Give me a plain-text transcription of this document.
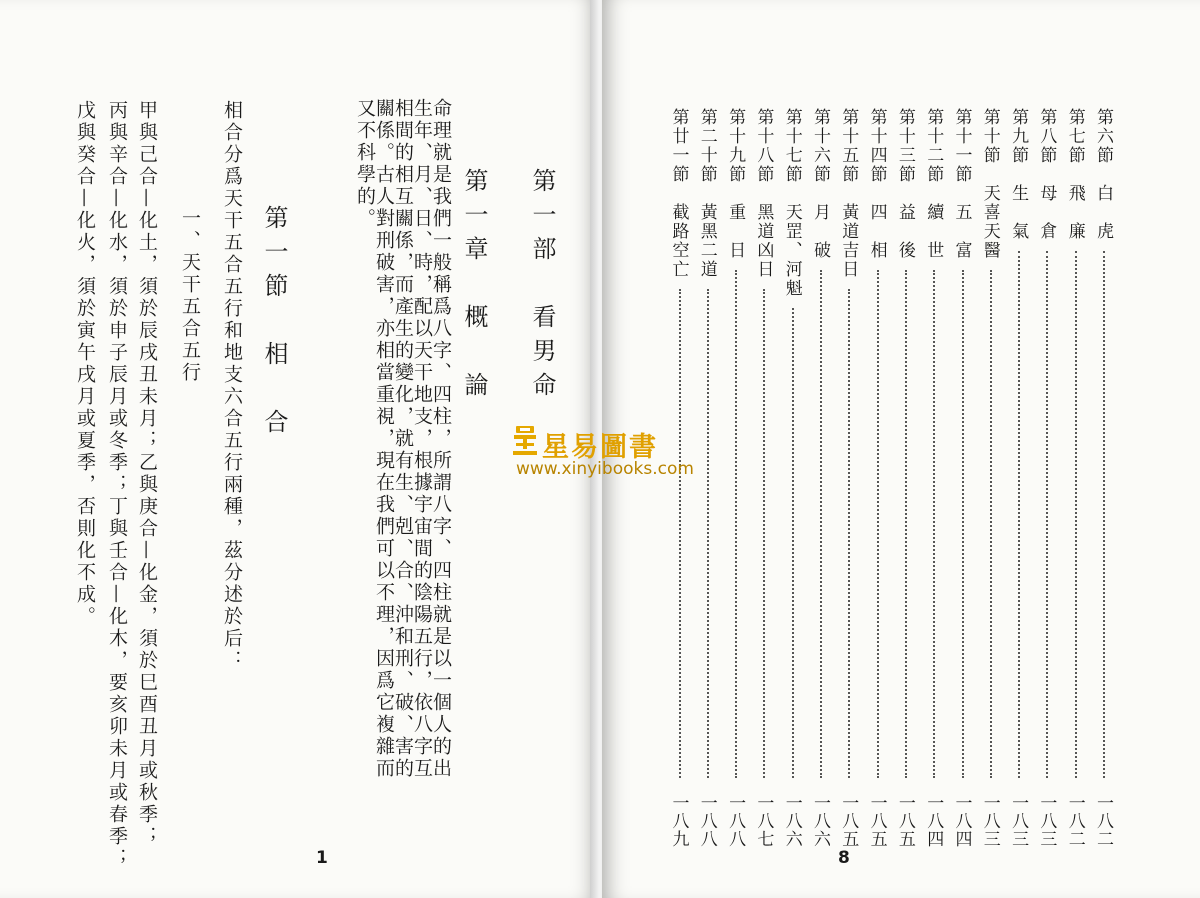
第一部　看男命
第一章　概　論
命理就是我們一般稱爲八字、四柱，所謂八字、四柱就是以一個人的出生年、月、日、時，配以天干地支，根據宇宙間的陰陽五行，依八字互相間的相互關係，而產生的變化，就有生、剋、合、沖和刑、破、害的關係。古人對刑破害，亦相當重視，現在我們可以不理，因爲它複雜而又不科學的。
第一節　相　合
相合分爲天干五合五行和地支六合五行兩種，茲分述於后：
一、天干五合五行
甲與己合—化土，須於辰戌丑未月；乙與庚合—化金，須於巳酉丑月或秋季；
丙與辛合—化水，須於申子辰月或冬季；丁與壬合—化木，要亥卯未月或春季；
戊與癸合—化火，須於寅午戌月或夏季，否則化不成。
1
第六節　白　虎
一八二
第七節　飛　廉
一八二
第八節　母　倉
一八三
第九節　生　氣
一八三
第十節　天喜天醫
一八三
第十一節　五　富
一八四
第十二節　續　世
一八四
第十三節　益　後
一八五
第十四節　四　相
一八五
第十五節　黃道吉日
一八五
第十六節　月　破
一八六
第十七節　天罡、河魁
一八六
第十八節　黑道凶日
一八七
第十九節　重　日
一八八
第二十節　黃黑二道
一八八
第廿一節　截路空亡
一八九
8
星易圖書
www.xinyibooks.com
